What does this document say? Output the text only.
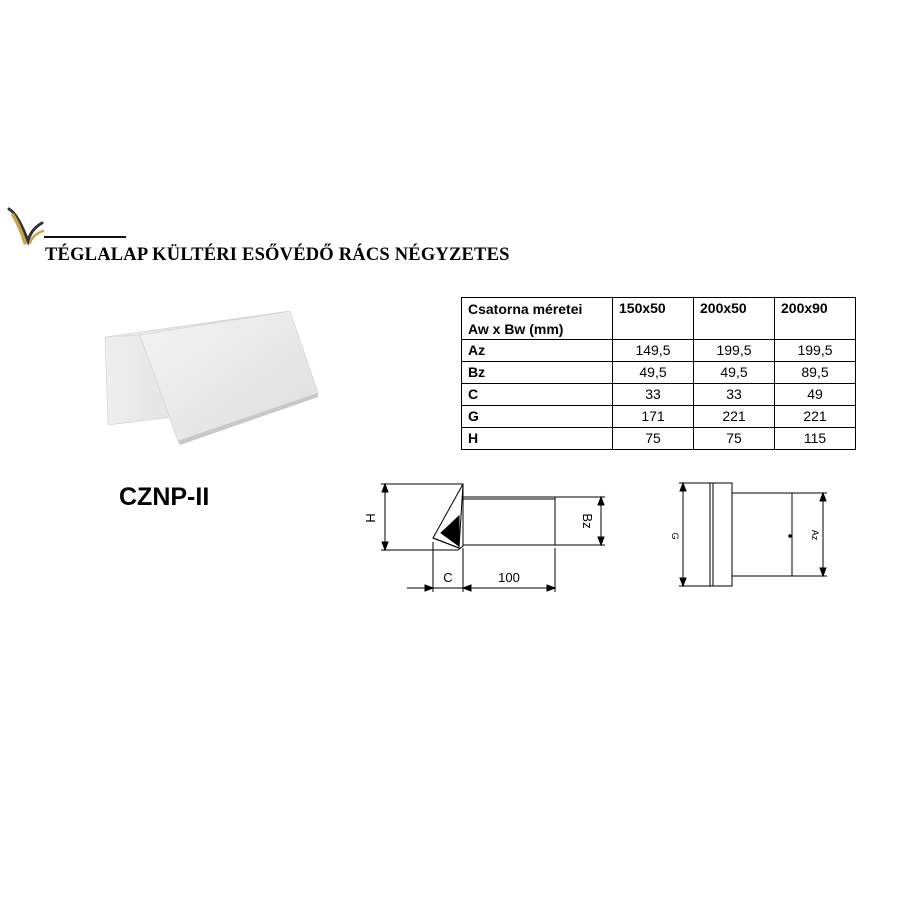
TÉGLALAP KÜLTÉRI ESŐVÉDŐ RÁCS NÉGYZETES
CZNP-II
Csatorna méretei
Aw x Bw (mm)	150x50	200x50	200x90
Az	149,5	199,5	199,5
Bz	49,5	49,5	89,5
C	33	33	49
G	171	221	221
H	75	75	115
H	Bz
C	100
G	Az
